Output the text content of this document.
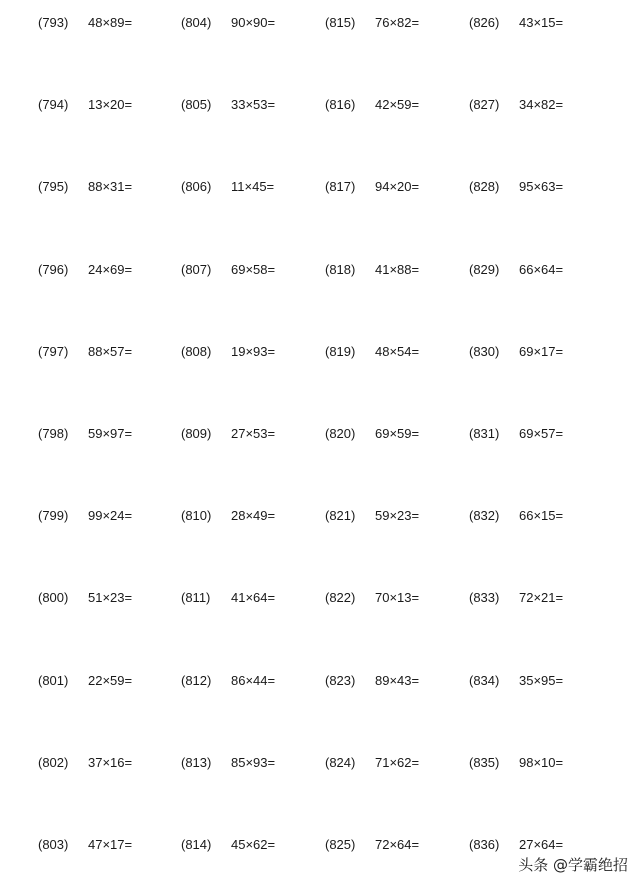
(793) 48×89=
(794) 13×20=
(795) 88×31=
(796) 24×69=
(797) 88×57=
(798) 59×97=
(799) 99×24=
(800) 51×23=
(801) 22×59=
(802) 37×16=
(803) 47×17=
(804) 90×90=
(805) 33×53=
(806) 11×45=
(807) 69×58=
(808) 19×93=
(809) 27×53=
(810) 28×49=
(811) 41×64=
(812) 86×44=
(813) 85×93=
(814) 45×62=
(815) 76×82=
(816) 42×59=
(817) 94×20=
(818) 41×88=
(819) 48×54=
(820) 69×59=
(821) 59×23=
(822) 70×13=
(823) 89×43=
(824) 71×62=
(825) 72×64=
(826) 43×15=
(827) 34×82=
(828) 95×63=
(829) 66×64=
(830) 69×17=
(831) 69×57=
(832) 66×15=
(833) 72×21=
(834) 35×95=
(835) 98×10=
(836) 27×64=
头条 @学霸绝招
